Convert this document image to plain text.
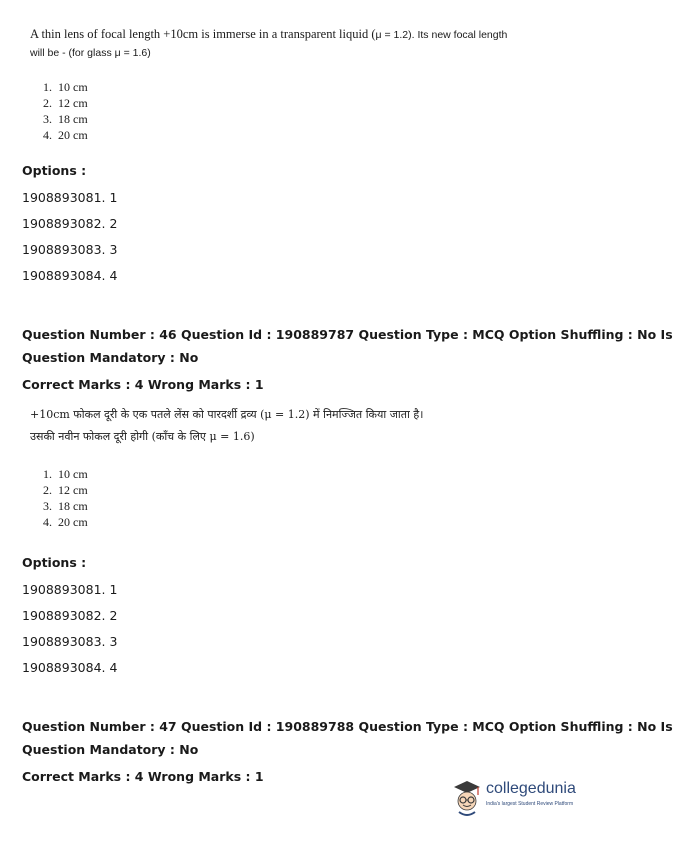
A thin lens of focal length +10cm is immerse in a transparent liquid (μ = 1.2). Its new focal length
will be - (for glass μ = 1.6)
1. 10 cm
2. 12 cm
3. 18 cm
4. 20 cm
Options :
1908893081. 1
1908893082. 2
1908893083. 3
1908893084. 4
Question Number : 46 Question Id : 190889787 Question Type : MCQ Option Shuffling : No Is
Question Mandatory : No
Correct Marks : 4 Wrong Marks : 1
+10cm फोकल दूरी के एक पतले लेंस को पारदर्शी द्रव्य (μ = 1.2) में निमज्जित किया जाता है।
उसकी नवीन फोकल दूरी होगी (काँच के लिए μ = 1.6)
1. 10 cm
2. 12 cm
3. 18 cm
4. 20 cm
Options :
1908893081. 1
1908893082. 2
1908893083. 3
1908893084. 4
Question Number : 47 Question Id : 190889788 Question Type : MCQ Option Shuffling : No Is
Question Mandatory : No
Correct Marks : 4 Wrong Marks : 1
collegedunia
India's largest Student Review Platform
